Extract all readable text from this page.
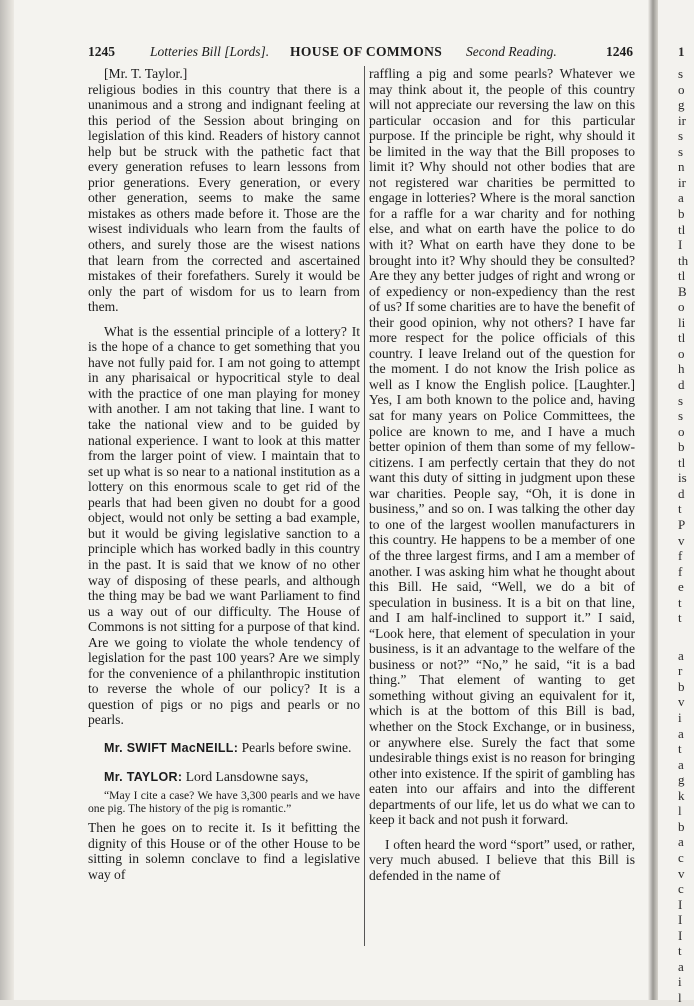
1245	Lotteries Bill [Lords]. HOUSE OF COMMONS Second Reading.	1246

[Mr. T. Taylor.]

religious bodies in this country that there is a unanimous and a strong and indignant feeling at this period of the Session about bringing on legislation of this kind. Readers of history cannot help but be struck with the pathetic fact that every generation refuses to learn lessons from prior generations. Every generation, or every other generation, seems to make the same mistakes as others made before it. Those are the wisest individuals who learn from the faults of others, and surely those are the wisest nations that learn from the corrected and ascertained mistakes of their forefathers. Surely it would be only the part of wisdom for us to learn from them.

What is the essential principle of a lottery? It is the hope of a chance to get something that you have not fully paid for. I am not going to attempt in any pharisaical or hypocritical style to deal with the practice of one man playing for money with another. I am not taking that line. I want to take the national view and to be guided by national experience. I want to look at this matter from the larger point of view. I maintain that to set up what is so near to a national institution as a lottery on this enormous scale to get rid of the pearls that had been given no doubt for a good object, would not only be setting a bad example, but it would be giving legislative sanction to a principle which has worked badly in this country in the past. It is said that we know of no other way of disposing of these pearls, and although the thing may be bad we want Parliament to find us a way out of our difficulty. The House of Commons is not sitting for a purpose of that kind. Are we going to violate the whole tendency of legislation for the past 100 years? Are we simply for the convenience of a philanthropic institution to reverse the whole of our policy? It is a question of pigs or no pigs and pearls or no pearls.

Mr. SWIFT MacNEILL: Pearls before swine.

Mr. TAYLOR: Lord Lansdowne says,

“May I cite a case? We have 3,300 pearls and we have one pig. The history of the pig is romantic.”

Then he goes on to recite it. Is it befitting the dignity of this House or of the other House to be sitting in solemn conclave to find a legislative way of

raffling a pig and some pearls? Whatever we may think about it, the people of this country will not appreciate our reversing the law on this particular occasion and for this particular purpose. If the principle be right, why should it be limited in the way that the Bill proposes to limit it? Why should not other bodies that are not registered war charities be permitted to engage in lotteries? Where is the moral sanction for a raffle for a war charity and for nothing else, and what on earth have the police to do with it? What on earth have they done to be brought into it? Why should they be consulted? Are they any better judges of right and wrong or of expediency or non-expediency than the rest of us? If some charities are to have the benefit of their good opinion, why not others? I have far more respect for the police officials of this country. I leave Ireland out of the question for the moment. I do not know the Irish police as well as I know the English police. [Laughter.] Yes, I am both known to the police and, having sat for many years on Police Committees, the police are known to me, and I have a much better opinion of them than some of my fellow-citizens. I am perfectly certain that they do not want this duty of sitting in judgment upon these war charities. People say, “Oh, it is done in business,” and so on. I was talking the other day to one of the largest woollen manufacturers in this country. He happens to be a member of one of the three largest firms, and I am a member of another. I was asking him what he thought about this Bill. He said, “Well, we do a bit of speculation in business. It is a bit on that line, and I am half-inclined to support it.” I said, “Look here, that element of speculation in your business, is it an advantage to the welfare of the business or not?” “No,” he said, “it is a bad thing.” That element of wanting to get something without giving an equivalent for it, which is at the bottom of this Bill is bad, whether on the Stock Exchange, or in business, or anywhere else. Surely the fact that some undesirable things exist is no reason for bringing other into existence. If the spirit of gambling has eaten into our affairs and into the different departments of our life, let us do what we can to keep it back and not push it forward.

I often heard the word “sport” used, or rather, very much abused. I believe that this Bill is defended in the name of

1
s
o
g
ir
s
s
n
ir
a
b
tl
I
th
tl
B
o
li
tl
o
h
d
s
s
o
b
tl
is
d
t
P
v
f
f
e
t
t
a
r
b
v
i
a
t
a
g
k
l
b
a
c
v
c
I
I
I
t
a
i
l
